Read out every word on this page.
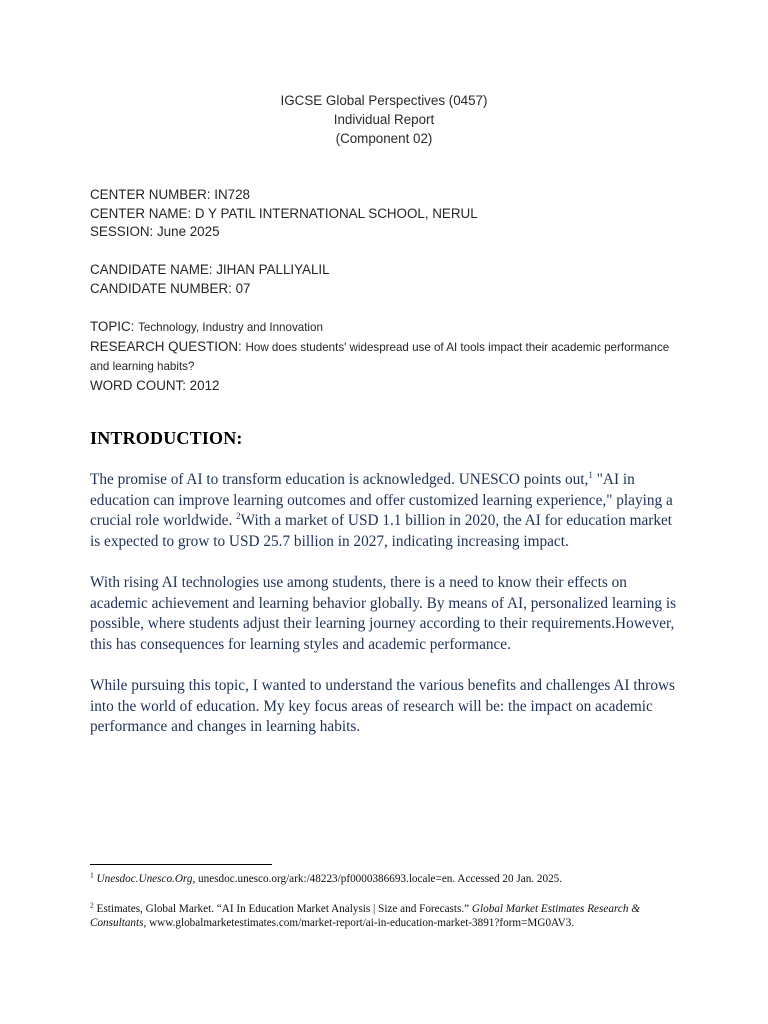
IGCSE Global Perspectives (0457)
Individual Report
(Component 02)
CENTER NUMBER: IN728
CENTER NAME: D Y PATIL INTERNATIONAL SCHOOL, NERUL
SESSION: June 2025
CANDIDATE NAME: JIHAN PALLIYALIL
CANDIDATE NUMBER: 07
TOPIC: Technology, Industry and Innovation
RESEARCH QUESTION: How does students' widespread use of AI tools impact their academic performance and learning habits?
WORD COUNT: 2012
INTRODUCTION:
The promise of AI to transform education is acknowledged. UNESCO points out,$^1$ "AI in education can improve learning outcomes and offer customized learning experience," playing a crucial role worldwide. $^2$With a market of USD 1.1 billion in 2020, the AI for education market is expected to grow to USD 25.7 billion in 2027, indicating increasing impact.
With rising AI technologies use among students, there is a need to know their effects on academic achievement and learning behavior globally. By means of AI, personalized learning is possible, where students adjust their learning journey according to their requirements.However, this has consequences for learning styles and academic performance.
While pursuing this topic, I wanted to understand the various benefits and challenges AI throws into the world of education. My key focus areas of research will be: the impact on academic performance and changes in learning habits.
$^1$ Unesdoc.Unesco.Org, unesdoc.unesco.org/ark:/48223/pf0000386693.locale=en. Accessed 20 Jan. 2025.
$^2$ Estimates, Global Market. “AI In Education Market Analysis | Size and Forecasts.” Global Market Estimates Research & Consultants, www.globalmarketestimates.com/market-report/ai-in-education-market-3891?form=MG0AV3.
